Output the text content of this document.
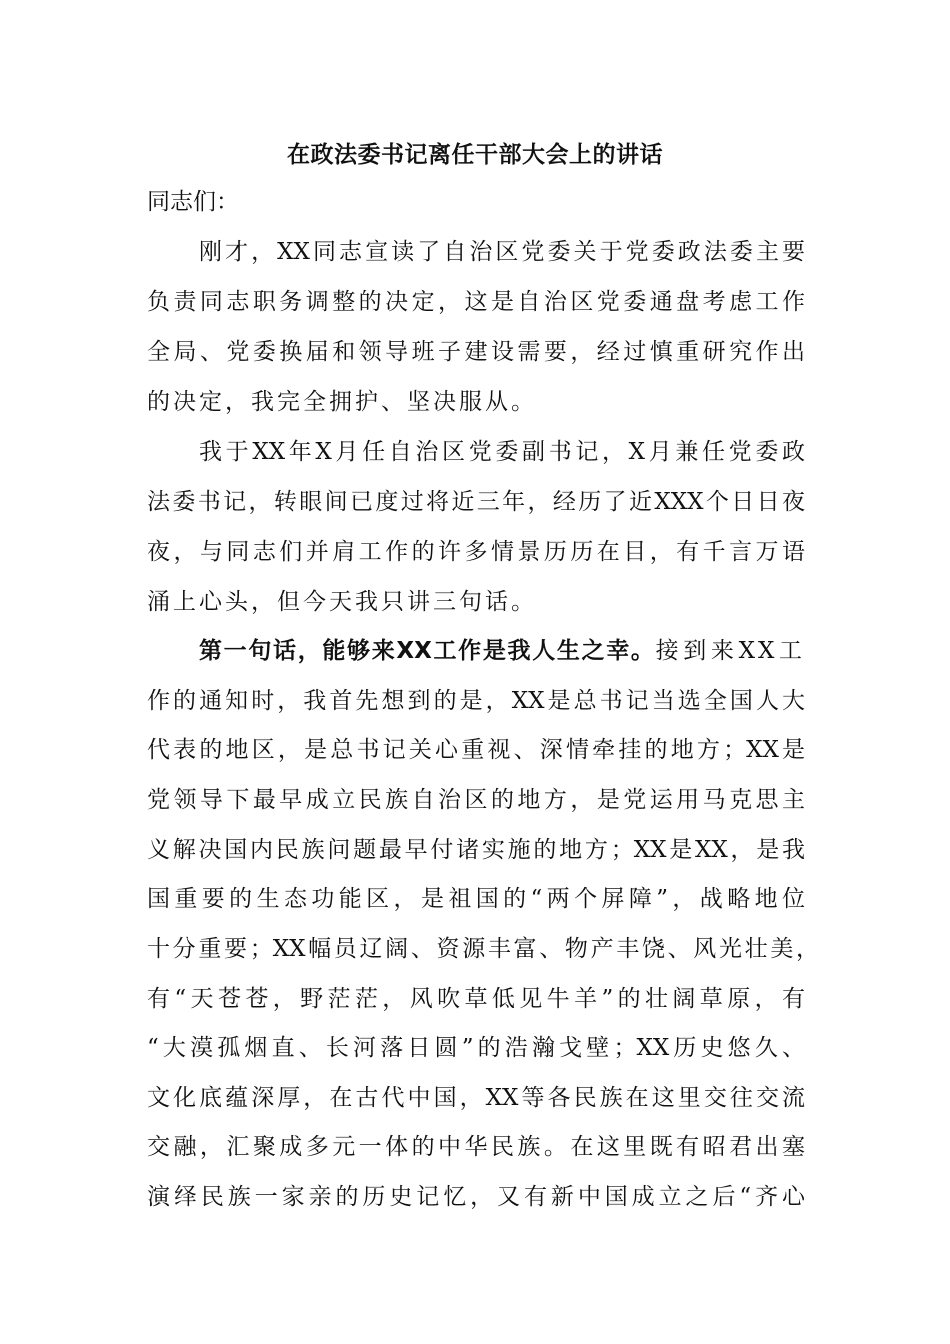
在政法委书记离任干部大会上的讲话
同志们：
刚才，XX同志宣读了自治区党委关于党委政法委主要
负责同志职务调整的决定，这是自治区党委通盘考虑工作
全局、党委换届和领导班子建设需要，经过慎重研究作出
的决定，我完全拥护、坚决服从。
我于XX年X月任自治区党委副书记，X月兼任党委政
法委书记，转眼间已度过将近三年，经历了近XXX个日日夜
夜，与同志们并肩工作的许多情景历历在目，有千言万语
涌上心头，但今天我只讲三句话。
第一句话，能够来XX工作是我人生之幸。接到来XX工
作的通知时，我首先想到的是，XX是总书记当选全国人大
代表的地区，是总书记关心重视、深情牵挂的地方；XX是
党领导下最早成立民族自治区的地方，是党运用马克思主
义解决国内民族问题最早付诸实施的地方；XX是XX，是我
国重要的生态功能区，是祖国的“两个屏障”，战略地位
十分重要；XX幅员辽阔、资源丰富、物产丰饶、风光壮美，
有“天苍苍，野茫茫，风吹草低见牛羊”的壮阔草原，有
“大漠孤烟直、长河落日圆”的浩瀚戈壁；XX历史悠久、
文化底蕴深厚，在古代中国，XX等各民族在这里交往交流
交融，汇聚成多元一体的中华民族。在这里既有昭君出塞
演绎民族一家亲的历史记忆，又有新中国成立之后“齐心
